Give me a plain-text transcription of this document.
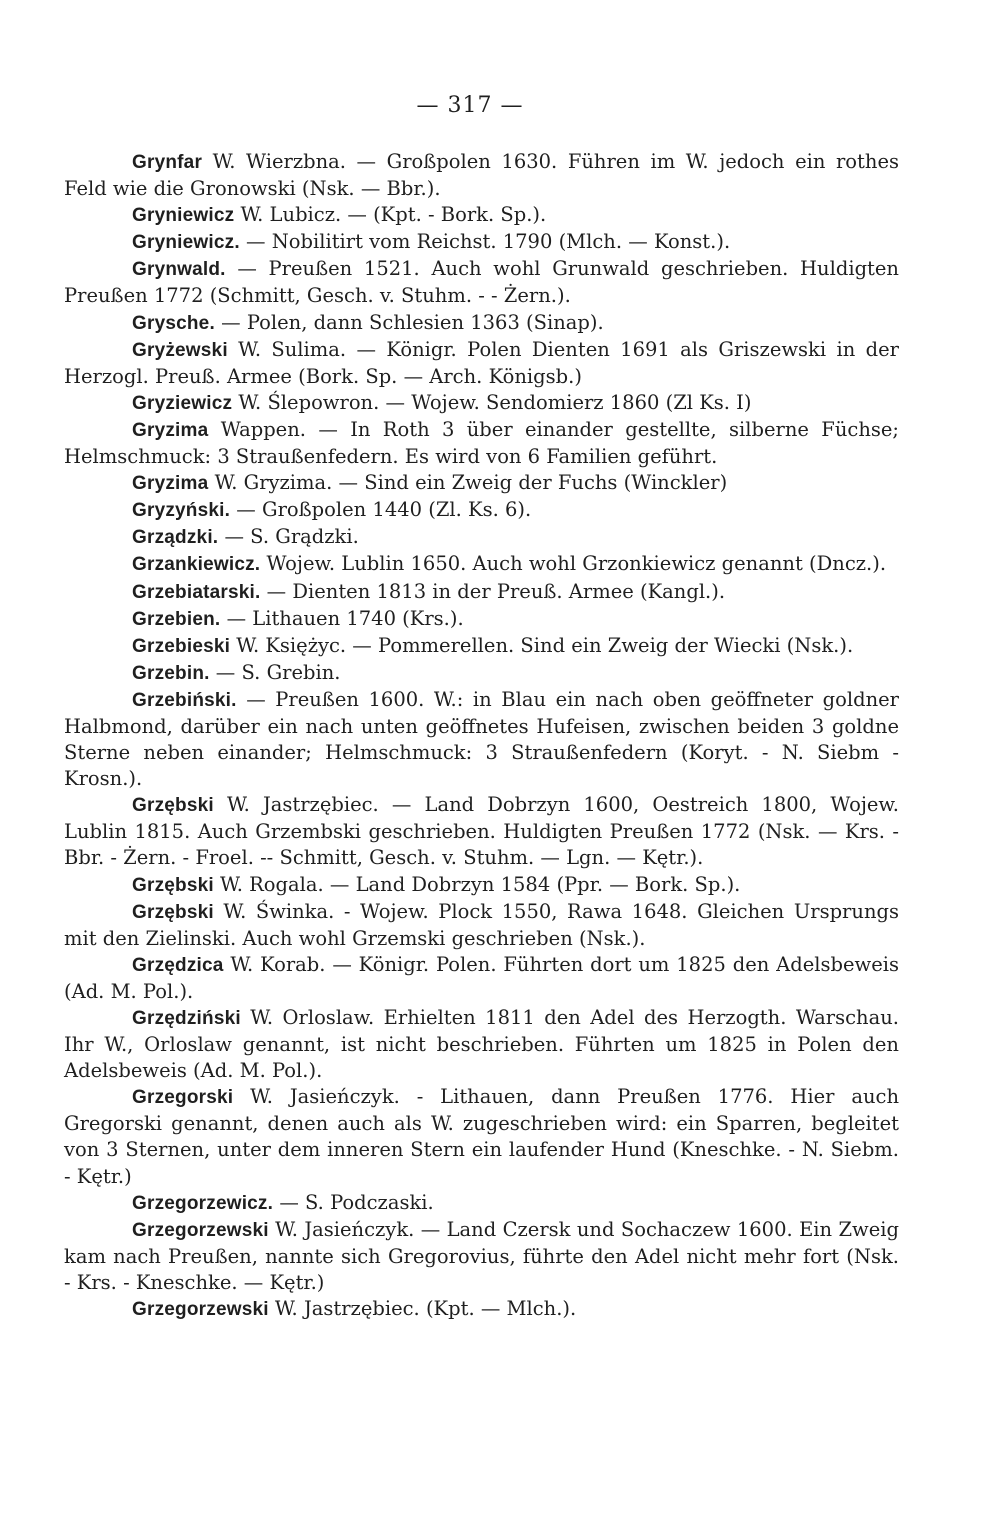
— 317 —

Grynfar W. Wierzbna. — Großpolen 1630. Führen im W. jedoch ein rothes Feld wie die Gronowski (Nsk. — Bbr.).

Gryniewicz W. Lubicz. — (Kpt. - Bork. Sp.).

Gryniewicz. — Nobilitirt vom Reichst. 1790 (Mlch. — Konst.).

Grynwald. — Preußen 1521. Auch wohl Grunwald geschrieben. Huldigten Preußen 1772 (Schmitt, Gesch. v. Stuhm. - - Żern.).

Grysche. — Polen, dann Schlesien 1363 (Sinap).

Gryżewski W. Sulima. — Königr. Polen Dienten 1691 als Griszewski in der Herzogl. Preuß. Armee (Bork. Sp. — Arch. Königsb.)

Gryziewicz W. Ślepowron. — Wojew. Sendomierz 1860 (Zl Ks. I)

Gryzima Wappen. — In Roth 3 über einander gestellte, silberne Füchse; Helmschmuck: 3 Straußenfedern. Es wird von 6 Familien geführt.

Gryzima W. Gryzima. — Sind ein Zweig der Fuchs (Winckler)

Gryzyński. — Großpolen 1440 (Zl. Ks. 6).

Grządzki. — S. Grądzki.

Grzankiewicz. Wojew. Lublin 1650. Auch wohl Grzonkiewicz genannt (Dncz.).

Grzebiatarski. — Dienten 1813 in der Preuß. Armee (Kangl.).

Grzebien. — Lithauen 1740 (Krs.).

Grzebieski W. Księżyc. — Pommerellen. Sind ein Zweig der Wiecki (Nsk.).

Grzebin. — S. Grebin.

Grzebiński. — Preußen 1600. W.: in Blau ein nach oben geöffneter goldner Halbmond, darüber ein nach unten geöffnetes Hufeisen, zwischen beiden 3 goldne Sterne neben einander; Helmschmuck: 3 Straußenfedern (Koryt. - N. Siebm - Krosn.).

Grzębski W. Jastrzębiec. — Land Dobrzyn 1600, Oestreich 1800, Wojew. Lublin 1815. Auch Grzembski geschrieben. Huldigten Preußen 1772 (Nsk. — Krs. - Bbr. - Żern. - Froel. -- Schmitt, Gesch. v. Stuhm. — Lgn. — Kętr.).

Grzębski W. Rogala. — Land Dobrzyn 1584 (Ppr. — Bork. Sp.).

Grzębski W. Świnka. - Wojew. Plock 1550, Rawa 1648. Gleichen Ursprungs mit den Zielinski. Auch wohl Grzemski geschrieben (Nsk.).

Grzędzica W. Korab. — Königr. Polen. Führten dort um 1825 den Adelsbeweis (Ad. M. Pol.).

Grzędziński W. Orloslaw. Erhielten 1811 den Adel des Herzogth. Warschau. Ihr W., Orloslaw genannt, ist nicht beschrieben. Führten um 1825 in Polen den Adelsbeweis (Ad. M. Pol.).

Grzegorski W. Jasieńczyk. - Lithauen, dann Preußen 1776. Hier auch Gregorski genannt, denen auch als W. zugeschrieben wird: ein Sparren, begleitet von 3 Sternen, unter dem inneren Stern ein laufender Hund (Kneschke. - N. Siebm. - Kętr.)

Grzegorzewicz. — S. Podczaski.

Grzegorzewski W. Jasieńczyk. — Land Czersk und Sochaczew 1600. Ein Zweig kam nach Preußen, nannte sich Gregorovius, führte den Adel nicht mehr fort (Nsk. - Krs. - Kneschke. — Kętr.)

Grzegorzewski W. Jastrzębiec. (Kpt. — Mlch.).
